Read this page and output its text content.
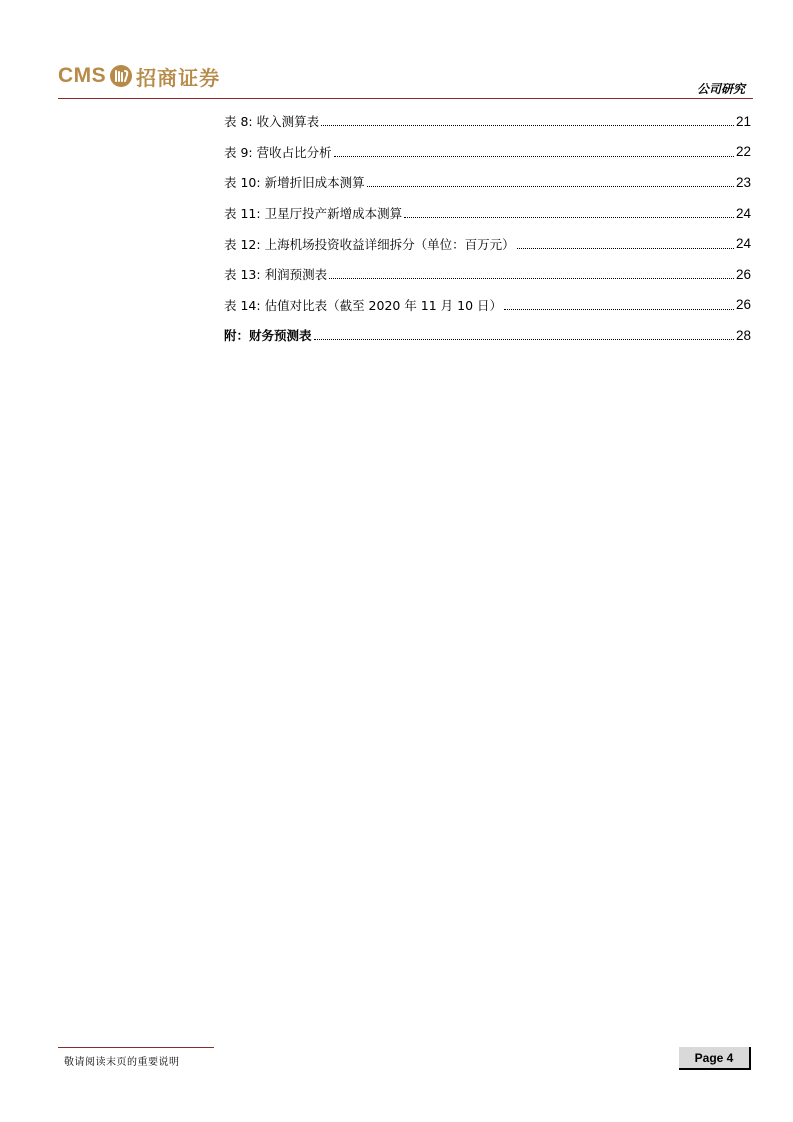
CMS 招商证券	公司研究
表 8: 收入测算表	21
表 9: 营收占比分析	22
表 10: 新增折旧成本测算	23
表 11: 卫星厅投产新增成本测算	24
表 12: 上海机场投资收益详细拆分（单位：百万元）	24
表 13: 利润预测表	26
表 14: 估值对比表（截至 2020 年 11 月 10 日）	26
附：财务预测表	28
敬请阅读末页的重要说明	Page 4
